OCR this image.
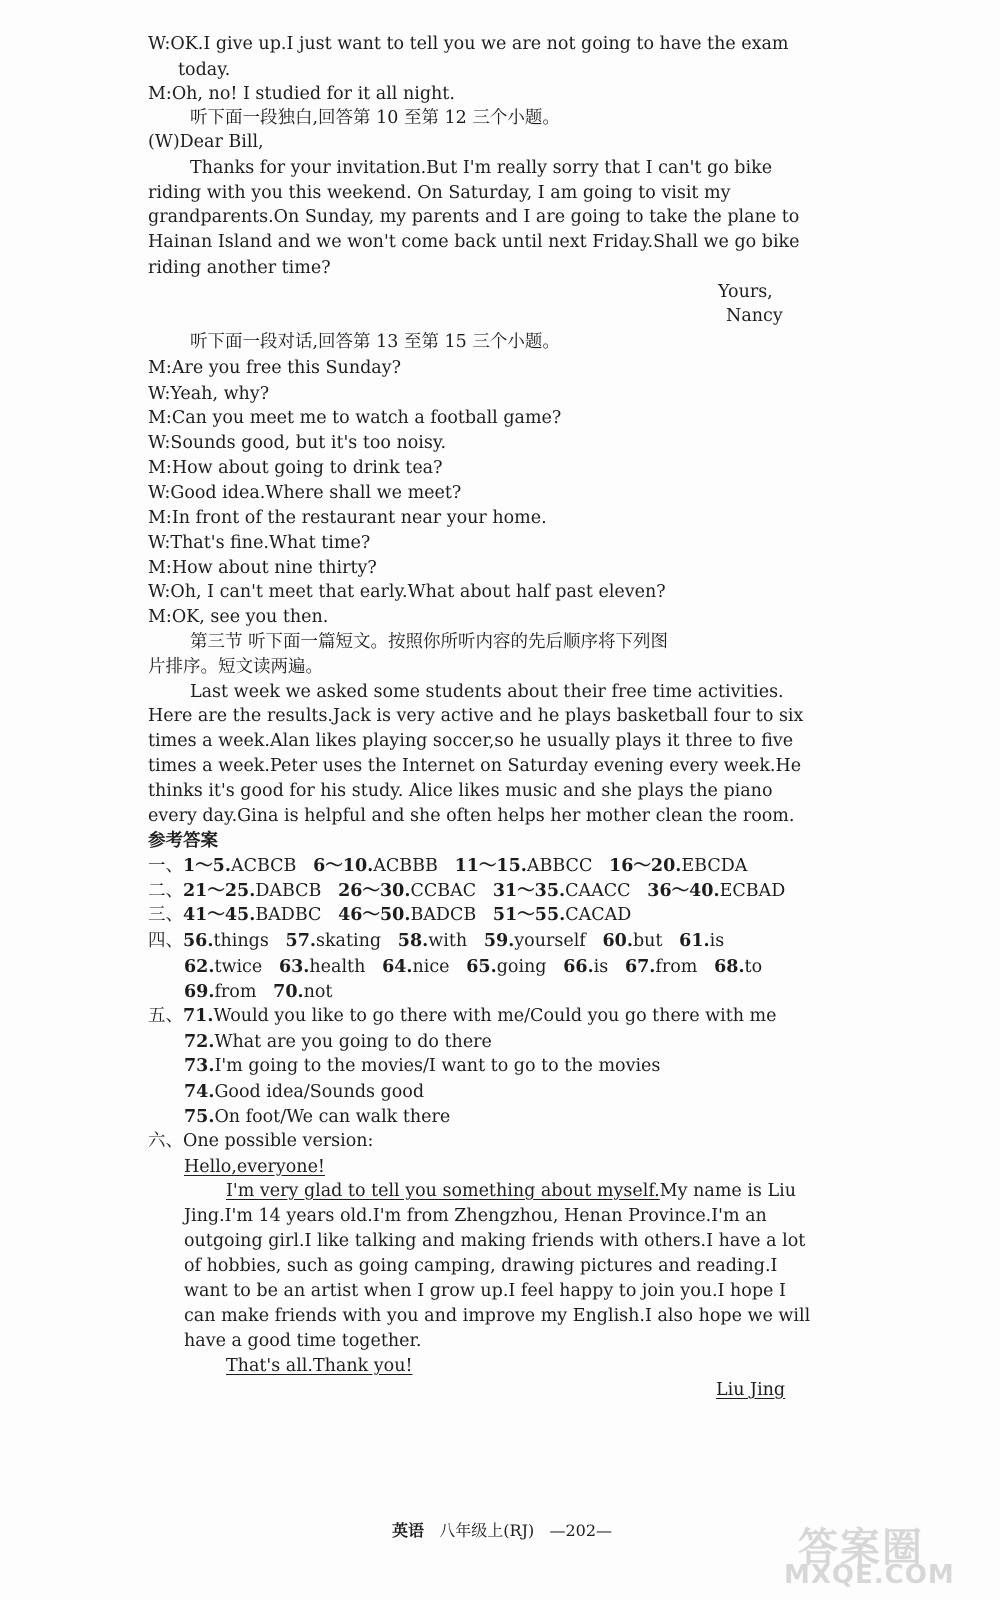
W:OK.I give up.I just want to tell you we are not going to have the exam
today.
M:Oh, no! I studied for it all night.
听下面一段独白,回答第 10 至第 12 三个小题。
(W)Dear Bill,
Thanks for your invitation.But I'm really sorry that I can't go bike
riding with you this weekend. On Saturday, I am going to visit my
grandparents.On Sunday, my parents and I are going to take the plane to
Hainan Island and we won't come back until next Friday.Shall we go bike
riding another time?
Yours,
Nancy
听下面一段对话,回答第 13 至第 15 三个小题。
M:Are you free this Sunday?
W:Yeah, why?
M:Can you meet me to watch a football game?
W:Sounds good, but it's too noisy.
M:How about going to drink tea?
W:Good idea.Where shall we meet?
M:In front of the restaurant near your home.
W:That's fine.What time?
M:How about nine thirty?
W:Oh, I can't meet that early.What about half past eleven?
M:OK, see you then.
第三节 听下面一篇短文。按照你所听内容的先后顺序将下列图
片排序。短文读两遍。
Last week we asked some students about their free time activities.
Here are the results.Jack is very active and he plays basketball four to six
times a week.Alan likes playing soccer,so he usually plays it three to five
times a week.Peter uses the Internet on Saturday evening every week.He
thinks it's good for his study. Alice likes music and she plays the piano
every day.Gina is helpful and she often helps her mother clean the room.
参考答案
一、1～5.ACBCB 6～10.ACBBB 11～15.ABBCC 16～20.EBCDA
二、21～25.DABCB 26～30.CCBAC 31～35.CAACC 36～40.ECBAD
三、41～45.BADBC 46～50.BADCB 51～55.CACAD
四、56.things 57.skating 58.with 59.yourself 60.but 61.is
62.twice 63.health 64.nice 65.going 66.is 67.from 68.to
69.from 70.not
五、71.Would you like to go there with me/Could you go there with me
72.What are you going to do there
73.I'm going to the movies/I want to go to the movies
74.Good idea/Sounds good
75.On foot/We can walk there
六、One possible version:
Hello,everyone!
I'm very glad to tell you something about myself.My name is Liu
Jing.I'm 14 years old.I'm from Zhengzhou, Henan Province.I'm an
outgoing girl.I like talking and making friends with others.I have a lot
of hobbies, such as going camping, drawing pictures and reading.I
want to be an artist when I grow up.I feel happy to join you.I hope I
can make friends with you and improve my English.I also hope we will
have a good time together.
That's all.Thank you!
Liu Jing
英语 八年级上(RJ) —202—	答案圈
MXQE.COM
